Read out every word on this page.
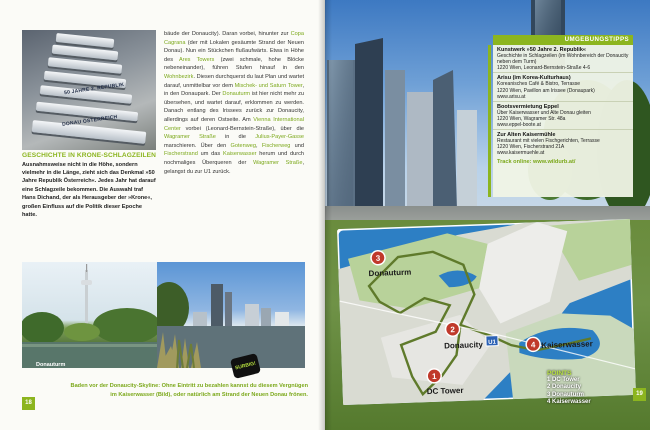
50 JAHRE 2. REPUBLIK
DONAU ÖSTERREICH
GESCHICHTE IN KRONE-SCHLAGZEILEN

Ausnahmsweise nicht in die Höhe, sondern vielmehr in die Länge, zieht sich das Denkmal »50 Jahre Republik Österreich«. Jedes Jahr hat darauf eine Schlagzeile bekommen. Die Auswahl traf Hans Dichand, der als Herausgeber der »Krone«, großen Einfluss auf die Politik dieser Epoche hatte.

bäude der Donaucity). Daran vorbei, hinunter zur Copa Cagrana (der mit Lokalen gesäumte Strand der Neuen Donau). Nun ein Stückchen flußaufwärts. Etwa in Höhe des Ares Towers (zwei schmale, hohe Blöcke nebeneinander), führen Stufen hinauf in den Wohnbezirk. Diesen durchquerst du laut Plan und wartet darauf, unmittelbar vor dem Mischek- und Saturn Tower, in den Donaupark. Der Donauturm ist hier nicht mehr zu übersehen, und wartet darauf, erklommen zu werden. Danach entlang des Irissees zurück zur Donaucity, allerdings auf deren Ostseite. Am Vienna International Center vorbei (Leonard-Bernstein-Straße), über die Wagramer Straße in die Julius-Payer-Gasse marschieren. Über den Gotenweg, Fischerweg und Fischerstrand um das Kaiserwasser herum und durch nochmaliges Überqueren der Wagramer Straße, gelangst du zur U1 zurück.
Donauturm	SURBIG!
Baden vor der Donaucity-Skyline: Ohne Eintritt zu bezahlen kannst du diesem Vergnügen im Kaiserwasser (Bild), oder natürlich am Strand der Neuen Donau frönen.
18
UMGEBUNGSTIPPS
Kunstwerk »50 Jahre 2. Republik«
Geschichte in Schlagzeilen (im Wohnbereich der Donaucity neben dem Turm)
1220 Wien, Leonard-Bernstein-Straße 4-6
Arisu (im Korea-Kulturhaus)
Koreanisches Café & Bistro, Terrasse
1220 Wien, Pavillon am Irissee (Donaupark)
www.arisu.at
Bootsvermietung Eppel
Über Kaiserwasser und Alte Donau gleiten
1220 Wien, Wagramer Str. 48a
www.eppel-boote.at
Zur Alten Kaisermühle
Restaurant mit vielen Fischgerichten, Terrasse
1220 Wien, Fischerstrand 21A
www.kaisermuehle.at
Track online: www.wildurb.at/
3
2
1
4
U1
Donauturm
Donaucity
DC Tower
Kaiserwasser
POINTS
1 DC Tower
2 Donaucity
3 Donauturm
4 Kaiserwasser
19
